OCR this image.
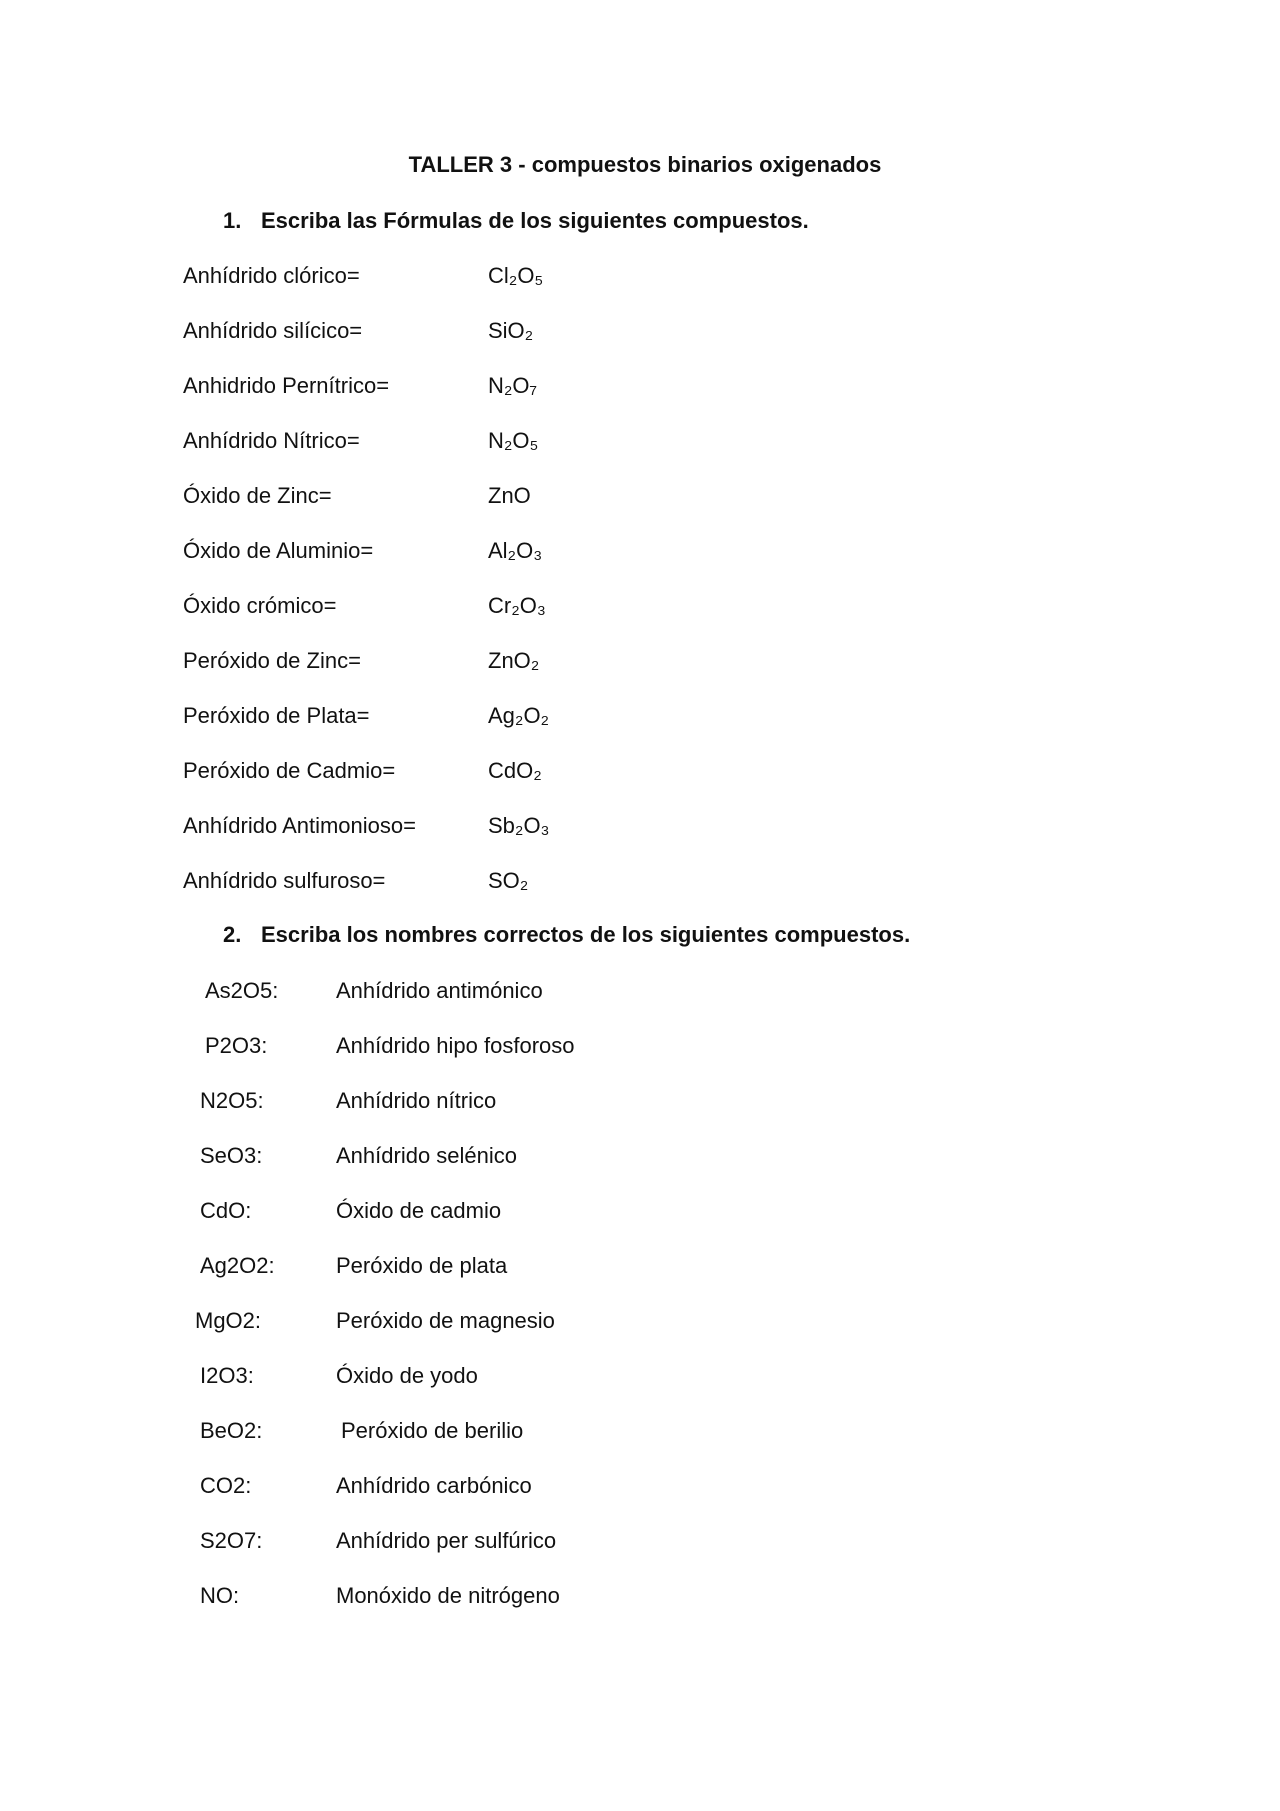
TALLER 3 - compuestos binarios oxigenados
1. Escriba las Fórmulas de los siguientes compuestos.
Anhídrido clórico=	Cl₂O₅
Anhídrido silícico=	SiO₂
Anhidrido Pernítrico=	N₂O₇
Anhídrido Nítrico=	N₂O₅
Óxido de Zinc=	ZnO
Óxido de Aluminio=	Al₂O₃
Óxido crómico=	Cr₂O₃
Peróxido de Zinc=	ZnO₂
Peróxido de Plata=	Ag₂O₂
Peróxido de Cadmio=	CdO₂
Anhídrido Antimonioso=	Sb₂O₃
Anhídrido sulfuroso=	SO₂
2. Escriba los nombres correctos de los siguientes compuestos.
As2O5:	Anhídrido antimónico
P2O3:	Anhídrido hipo fosforoso
N2O5:	Anhídrido nítrico
SeO3:	Anhídrido selénico
CdO:	Óxido de cadmio
Ag2O2:	Peróxido de plata
MgO2:	Peróxido de magnesio
I2O3:	Óxido de yodo
BeO2:	Peróxido de berilio
CO2:	Anhídrido carbónico
S2O7:	Anhídrido per sulfúrico
NO:	Monóxido de nitrógeno
